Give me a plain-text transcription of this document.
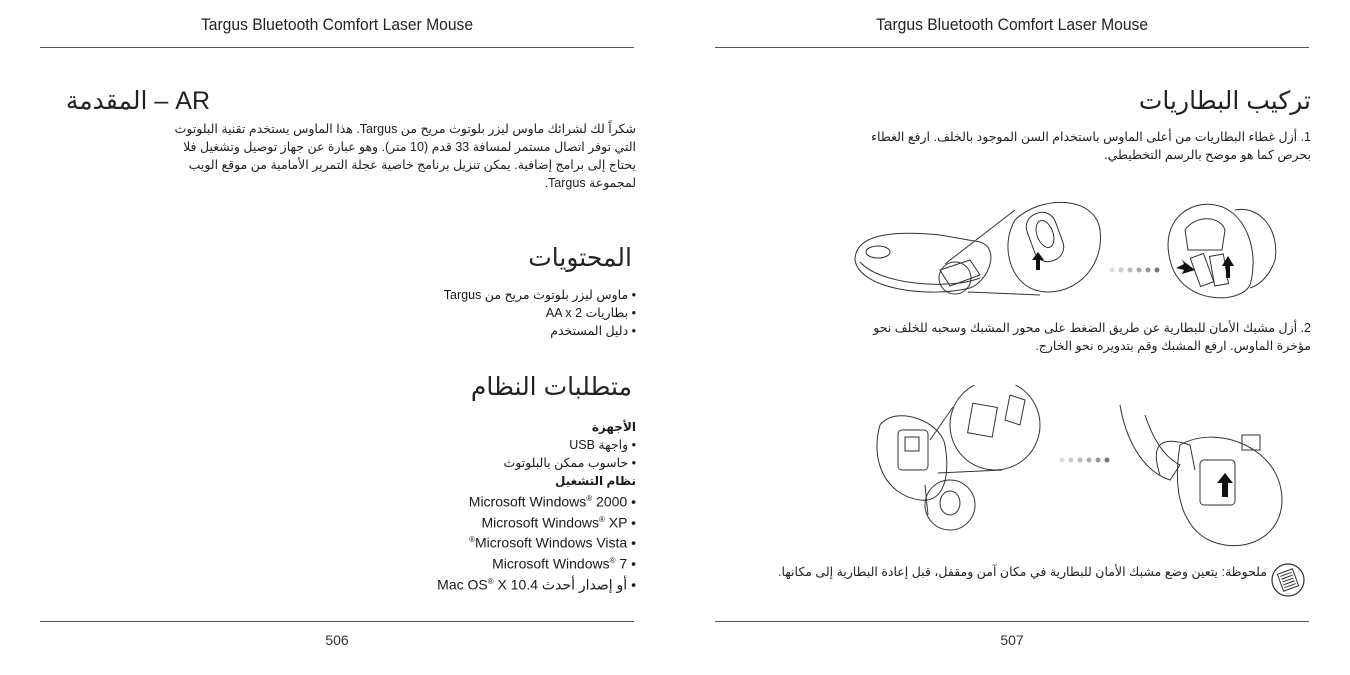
Targus Bluetooth Comfort Laser Mouse
AR – المقدمة
شكراً لك لشرائك ماوس ليزر بلوتوث مريح من Targus. هذا الماوس يستخدم تقنية البلوتوث التي توفر اتصال مستمر لمسافة 33 قدم (10 متر). وهو عبارة عن جهاز توصيل وتشغيل فلا يحتاج إلى برامج إضافية. يمكن تنزيل برنامج خاصية عجلة التمرير الأمامية من موقع الويب لمجموعة Targus.
المحتويات
• ماوس ليزر بلوتوث مريح من Targus
• بطاريات 2 AA x
• دليل المستخدم
متطلبات النظام
الأجهزة
• واجهة USB
• حاسوب ممكن بالبلوتوث
نظام التشغيل
Microsoft Windows® 2000 •
Microsoft Windows® XP •
®Microsoft Windows Vista •
Microsoft Windows® 7 •
Mac OS® X 10.4 أو إصدار أحدث •
506
Targus Bluetooth Comfort Laser Mouse
تركيب البطاريات
1. أزل غطاء البطاريات من أعلى الماوس باستخدام السن الموجود بالخلف. ارفع الغطاء بحرص كما هو موضح بالرسم التخطيطي.
2. أزل مشبك الأمان للبطارية عن طريق الضغط على محور المشبك وسحبه للخلف نحو مؤخرة الماوس. ارفع المشبك وقم بتدويره نحو الخارج.
ملحوظة: يتعين وضع مشبك الأمان للبطارية في مكان آمن ومقفل، قبل إعادة البطارية إلى مكانها.
507
